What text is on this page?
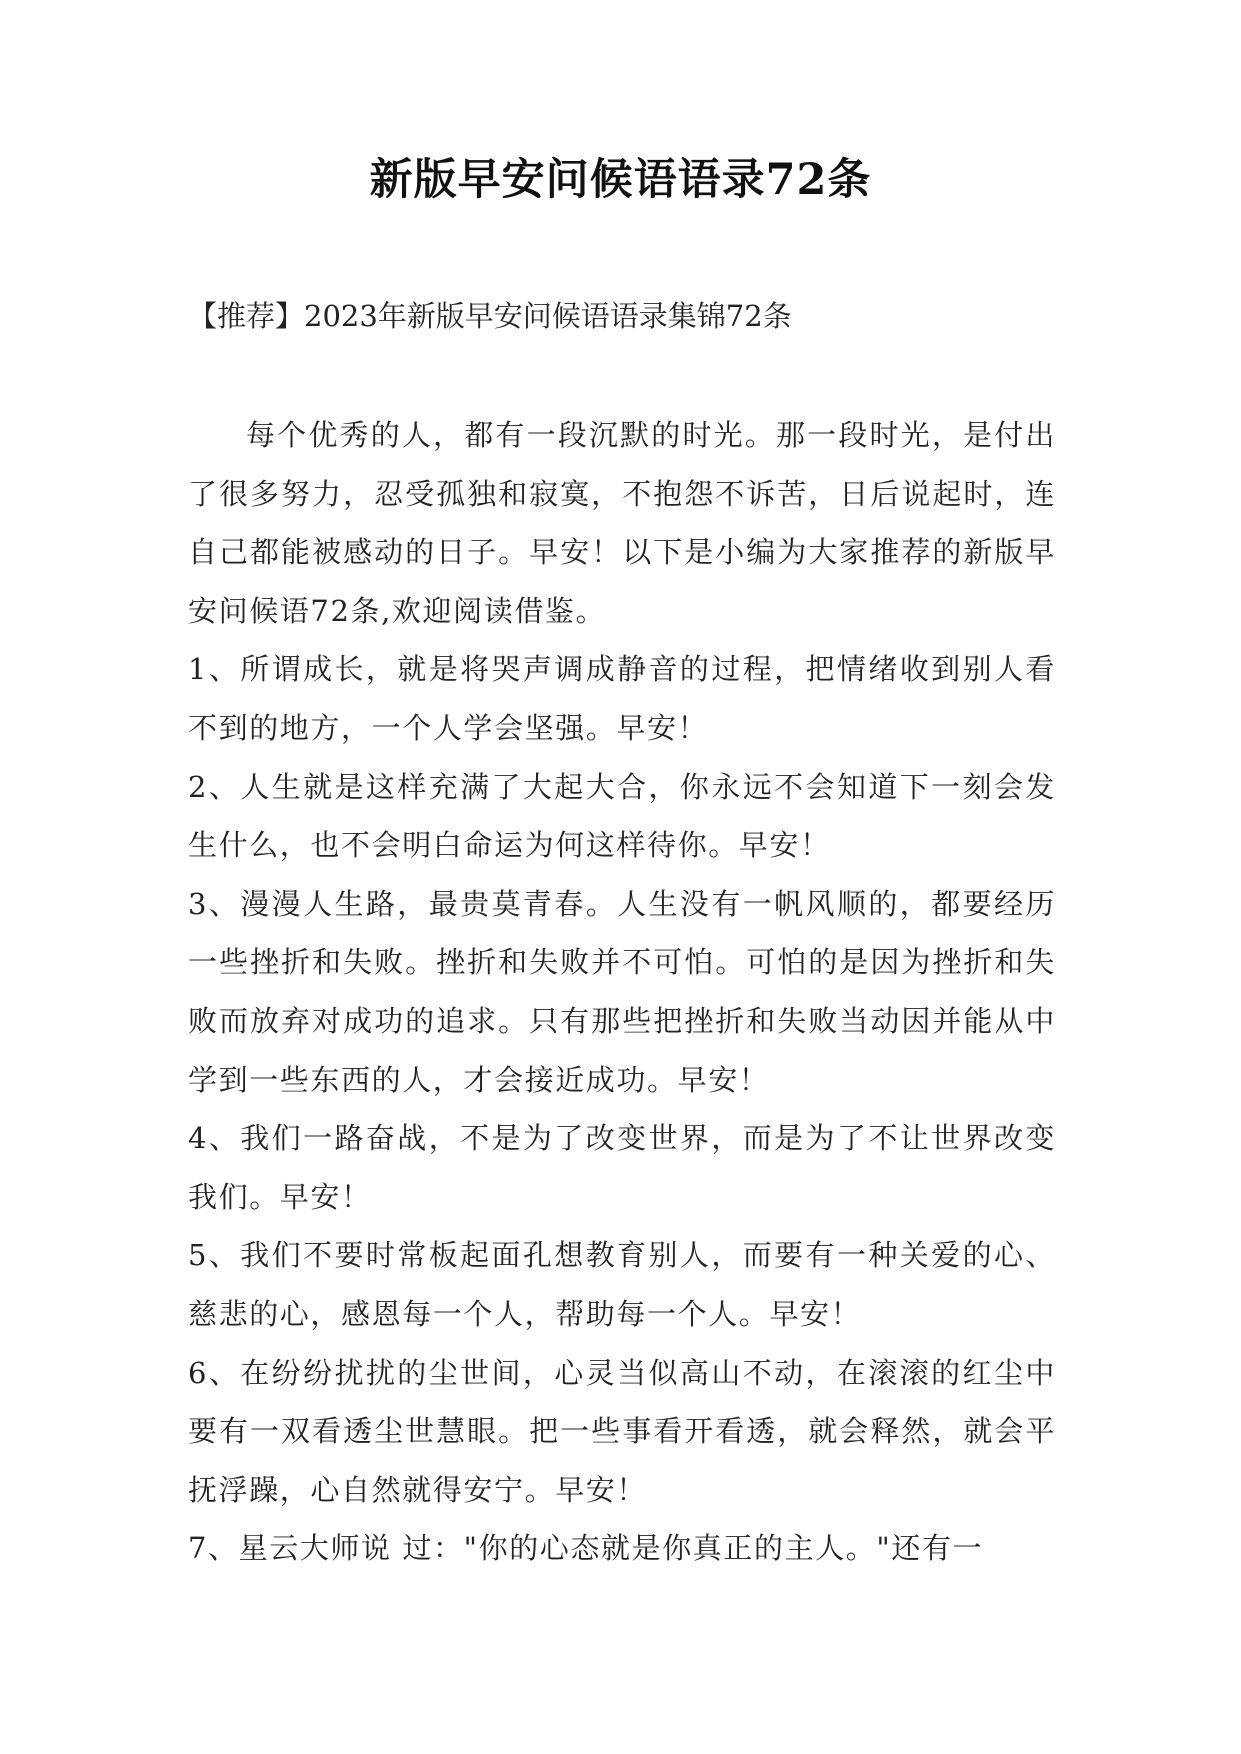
新版早安问候语语录72条

【推荐】2023年新版早安问候语语录集锦72条

每个优秀的人，都有一段沉默的时光。那一段时光，是付出了很多努力，忍受孤独和寂寞，不抱怨不诉苦，日后说起时，连自己都能被感动的日子。早安！以下是小编为大家推荐的新版早安问候语72条,欢迎阅读借鉴。

1、所谓成长，就是将哭声调成静音的过程，把情绪收到别人看不到的地方，一个人学会坚强。早安！

2、人生就是这样充满了大起大合，你永远不会知道下一刻会发生什么，也不会明白命运为何这样待你。早安！

3、漫漫人生路，最贵莫青春。人生没有一帆风顺的，都要经历一些挫折和失败。挫折和失败并不可怕。可怕的是因为挫折和失败而放弃对成功的追求。只有那些把挫折和失败当动因并能从中学到一些东西的人，才会接近成功。早安！

4、我们一路奋战，不是为了改变世界，而是为了不让世界改变我们。早安！

5、我们不要时常板起面孔想教育别人，而要有一种关爱的心、慈悲的心，感恩每一个人，帮助每一个人。早安！

6、在纷纷扰扰的尘世间，心灵当似高山不动，在滚滚的红尘中要有一双看透尘世慧眼。把一些事看开看透，就会释然，就会平抚浮躁，心自然就得安宁。早安！

7、星云大师说 过："你的心态就是你真正的主人。"还有一
